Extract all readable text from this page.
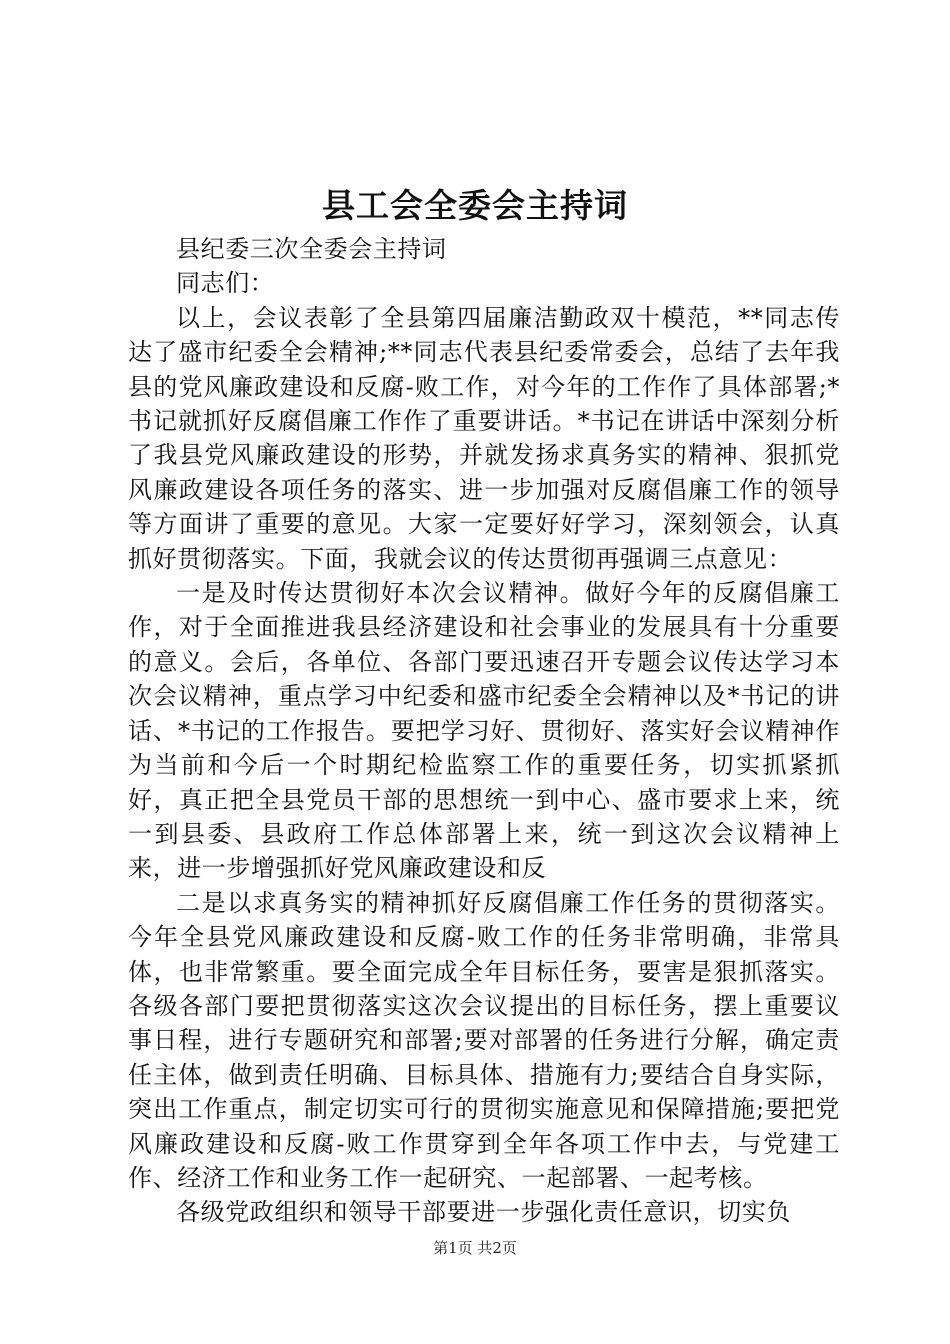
县工会全委会主持词

县纪委三次全委会主持词

同志们：

以上，会议表彰了全县第四届廉洁勤政双十模范，**同志传达了盛市纪委全会精神;**同志代表县纪委常委会，总结了去年我县的党风廉政建设和反腐-败工作，对今年的工作作了具体部署;*书记就抓好反腐倡廉工作作了重要讲话。*书记在讲话中深刻分析了我县党风廉政建设的形势，并就发扬求真务实的精神、狠抓党风廉政建设各项任务的落实、进一步加强对反腐倡廉工作的领导等方面讲了重要的意见。大家一定要好好学习，深刻领会，认真抓好贯彻落实。下面，我就会议的传达贯彻再强调三点意见：

一是及时传达贯彻好本次会议精神。做好今年的反腐倡廉工作，对于全面推进我县经济建设和社会事业的发展具有十分重要的意义。会后，各单位、各部门要迅速召开专题会议传达学习本次会议精神，重点学习中纪委和盛市纪委全会精神以及*书记的讲话、*书记的工作报告。要把学习好、贯彻好、落实好会议精神作为当前和今后一个时期纪检监察工作的重要任务，切实抓紧抓好，真正把全县党员干部的思想统一到中心、盛市要求上来，统一到县委、县政府工作总体部署上来，统一到这次会议精神上来，进一步增强抓好党风廉政建设和反

二是以求真务实的精神抓好反腐倡廉工作任务的贯彻落实。今年全县党风廉政建设和反腐-败工作的任务非常明确，非常具体，也非常繁重。要全面完成全年目标任务，要害是狠抓落实。各级各部门要把贯彻落实这次会议提出的目标任务，摆上重要议事日程，进行专题研究和部署;要对部署的任务进行分解，确定责任主体，做到责任明确、目标具体、措施有力;要结合自身实际，突出工作重点，制定切实可行的贯彻实施意见和保障措施;要把党风廉政建设和反腐-败工作贯穿到全年各项工作中去，与党建工作、经济工作和业务工作一起研究、一起部署、一起考核。

各级党政组织和领导干部要进一步强化责任意识，切实负

第1页 共2页
